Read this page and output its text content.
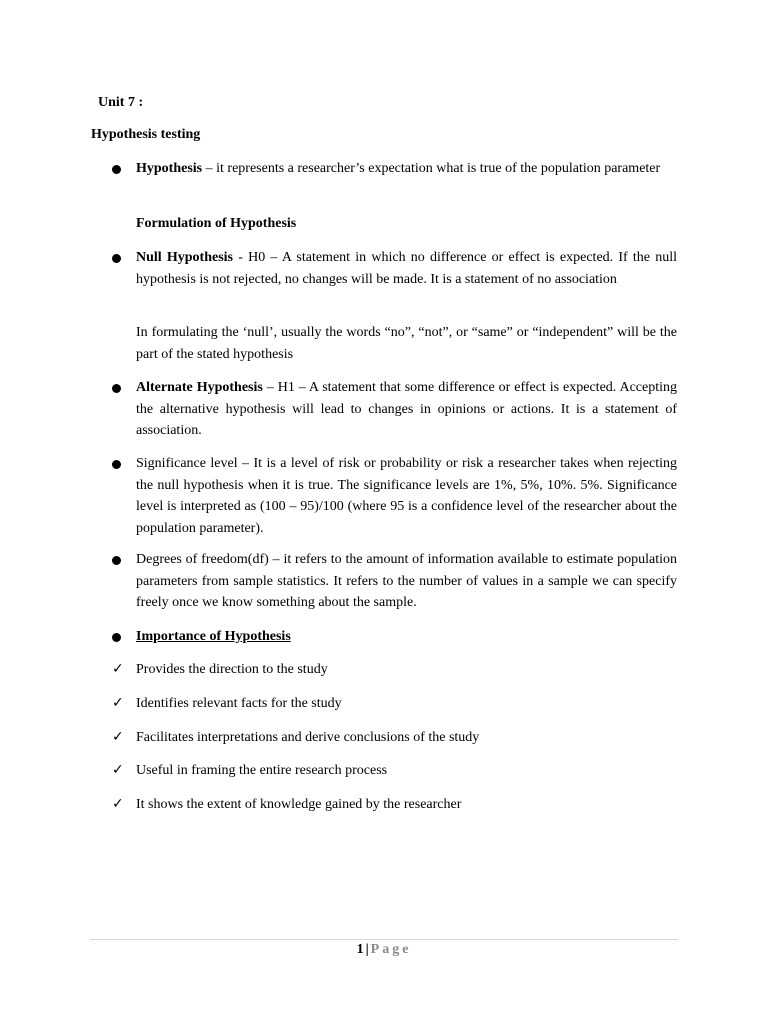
Unit 7 :
Hypothesis testing
Hypothesis – it represents a researcher’s expectation what is true of the population parameter
Formulation of Hypothesis
Null Hypothesis - H0 – A statement in which no difference or effect is expected. If the null hypothesis is not rejected, no changes will be made. It is a statement of no association
In formulating the ‘null’, usually the words “no”, “not”, or “same” or “independent” will be the part of the stated hypothesis
Alternate Hypothesis – H1 – A statement that some difference or effect is expected. Accepting the alternative hypothesis will lead to changes in opinions or actions. It is a statement of association.
Significance level – It is a level of risk or probability or risk a researcher takes when rejecting the null hypothesis when it is true. The significance levels are 1%, 5%, 10%. 5%. Significance level is interpreted as (100 – 95)/100 (where 95 is a confidence level of the researcher about the population parameter).
Degrees of freedom(df) – it refers to the amount of information available to estimate population parameters from sample statistics. It refers to the number of values in a sample we can specify freely once we know something about the sample.
Importance of Hypothesis
✓ Provides the direction to the study
✓ Identifies relevant facts for the study
✓ Facilitates interpretations and derive conclusions of the study
✓ Useful in framing the entire research process
✓ It shows the extent of knowledge gained by the researcher
1 | Page
